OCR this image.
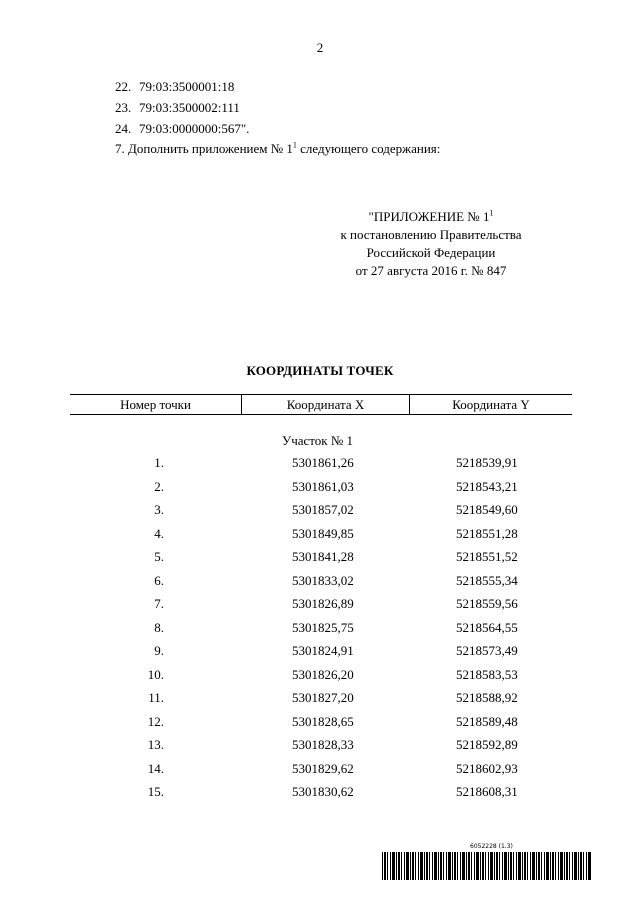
2
22. 79:03:3500001:18
23. 79:03:3500002:111
24. 79:03:0000000:567".
7. Дополнить приложением № $1^1$ следующего содержания:
"ПРИЛОЖЕНИЕ № $1^1$
к постановлению Правительства
Российской Федерации
от 27 августа 2016 г. № 847
КООРДИНАТЫ ТОЧЕК
Номер точки	Координата X	Координата Y
Участок № 1
1.	5301861,26	5218539,91
2.	5301861,03	5218543,21
3.	5301857,02	5218549,60
4.	5301849,85	5218551,28
5.	5301841,28	5218551,52
6.	5301833,02	5218555,34
7.	5301826,89	5218559,56
8.	5301825,75	5218564,55
9.	5301824,91	5218573,49
10.	5301826,20	5218583,53
11.	5301827,20	5218588,92
12.	5301828,65	5218589,48
13.	5301828,33	5218592,89
14.	5301829,62	5218602,93
15.	5301830,62	5218608,31
6052228 (1.3)
